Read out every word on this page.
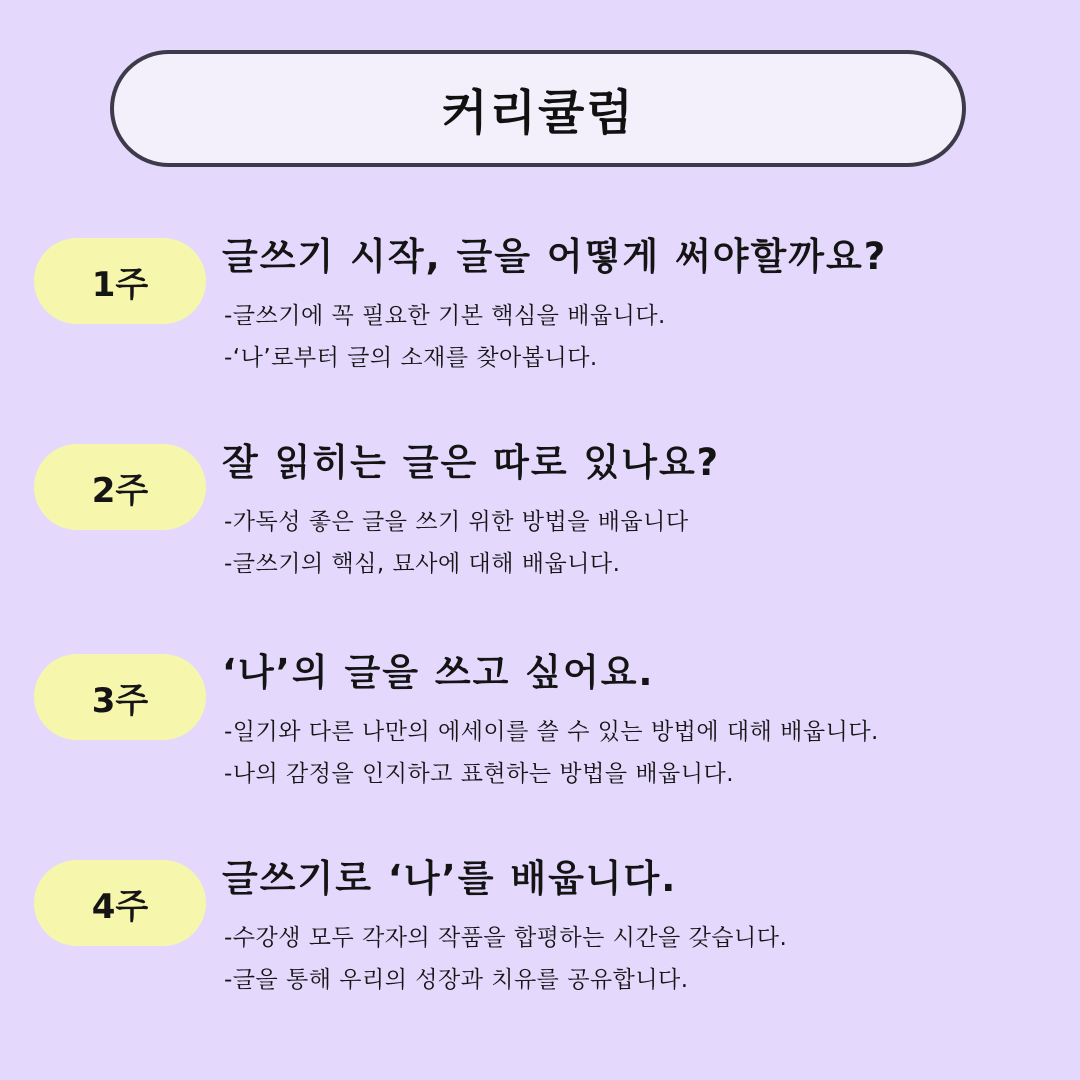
커리큘럼
1주
글쓰기 시작, 글을 어떻게 써야할까요?
-글쓰기에 꼭 필요한 기본 핵심을 배웁니다.
-‘나’로부터 글의 소재를 찾아봅니다.
2주
잘 읽히는 글은 따로 있나요?
-가독성 좋은 글을 쓰기 위한 방법을 배웁니다
-글쓰기의 핵심, 묘사에 대해 배웁니다.
3주
‘나’의 글을 쓰고 싶어요.
-일기와 다른 나만의 에세이를 쓸 수 있는 방법에 대해 배웁니다.
-나의 감정을 인지하고 표현하는 방법을 배웁니다.
4주
글쓰기로 ‘나’를 배웁니다.
-수강생 모두 각자의 작품을 합평하는 시간을 갖습니다.
-글을 통해 우리의 성장과 치유를 공유합니다.
